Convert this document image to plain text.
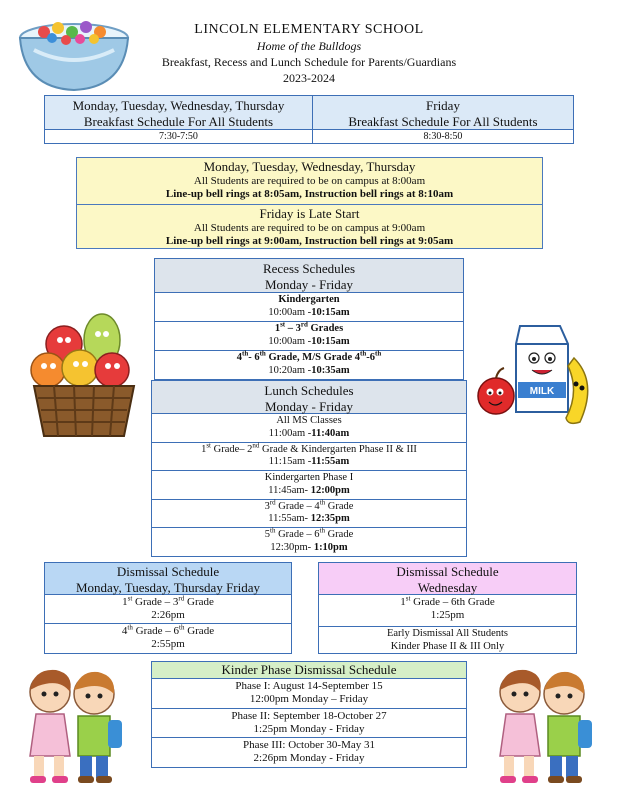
MILK
LINCOLN ELEMENTARY SCHOOL
Home of the Bulldogs
Breakfast, Recess and Lunch Schedule for Parents/Guardians
2023-2024
Monday, Tuesday, Wednesday, Thursday
Breakfast Schedule For All Students
7:30-7:50
Friday
Breakfast Schedule For All Students
8:30-8:50
Monday, Tuesday, Wednesday, Thursday
All Students are required to be on campus at 8:00am
Line-up bell rings at 8:05am, Instruction bell rings at 8:10am
Friday is Late Start
All Students are required to be on campus at 9:00am
Line-up bell rings at 9:00am, Instruction bell rings at 9:05am
Recess Schedules
Monday - Friday
Kindergarten
10:00am -10:15am
1st – 3rd Grades
10:00am -10:15am
4th- 6th Grade, M/S Grade 4th-6th
10:20am -10:35am
Lunch Schedules
Monday - Friday
All MS Classes
11:00am -11:40am
1st Grade– 2nd Grade & Kindergarten Phase II & III
11:15am -11:55am
Kindergarten Phase I
11:45am- 12:00pm
3rd Grade – 4th Grade
11:55am- 12:35pm
5th Grade – 6th Grade
12:30pm- 1:10pm
Dismissal Schedule
Monday, Tuesday, Thursday Friday
1st Grade – 3rd Grade
2:26pm
4th Grade – 6th Grade
2:55pm
Dismissal Schedule
Wednesday
1st Grade – 6th Grade
1:25pm
Early Dismissal All Students
Kinder Phase II & III Only
Kinder Phase Dismissal Schedule
Phase I: August 14-September 15
12:00pm Monday – Friday
Phase II: September 18-October 27
1:25pm Monday - Friday
Phase III: October 30-May 31
2:26pm Monday - Friday
